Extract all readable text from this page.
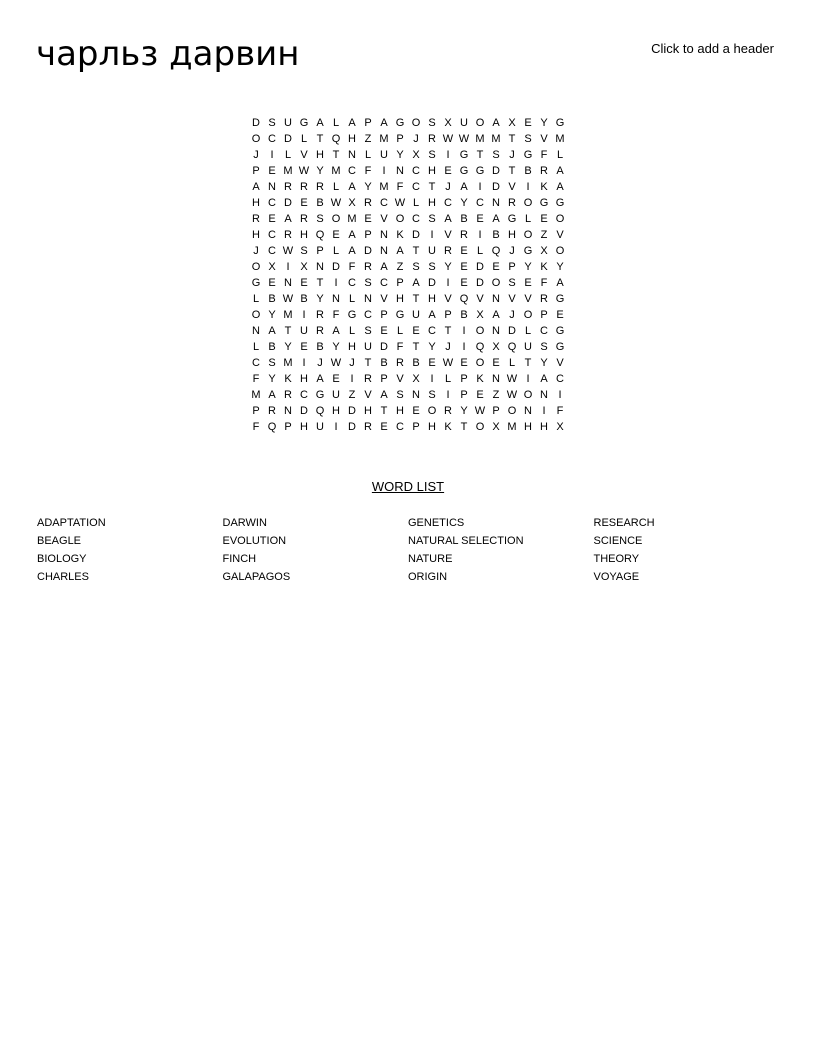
чарльз дарвин	Click to add a header
D S U G A L A P A G O S X U O A X E Y G
O C D L T Q H Z M P J R W W M M T S V M
J	I	L V H T N L U Y X S I G T S J G F L
P E M W Y M C F	I N C H E G G D T B R A
A N R R R L A Y M F C T J A I D V I K A
H C D E B W X R C W L H C Y C N R O G G
R E A R S O M E V O C S A B E A G L E O
H C R H Q E A P N K D I V R I B H O Z V
J C W S P L A D N A T U R E L Q J G X O
O X I X N D F R A Z S S Y E D E P Y K Y
G E N E T	I C S C P A D I E D O S E F A
L B W B Y N L N V H T H V Q V N V V R G
O Y M I R F G C P G U A P B X A J O P E
N A T U R A L S E L E C T	I O N D L C G
L B Y E B Y H U D F T Y J	I Q X Q U S G
C S M I	J W J T B R B E W E O E L T Y V
F Y K H A E I R P V X I	L P K N W I A C
M A R C G U Z V A S N S I P E Z W O N I
P R N D Q H D H T H E O R Y W P O N I	F
F Q P H U I D R E C P H K T O X M H H X
WORD LIST
ADAPTATION
BEAGLE
BIOLOGY
CHARLES
DARWIN
EVOLUTION
FINCH
GALAPAGOS
GENETICS
NATURAL SELECTION
NATURE
ORIGIN
RESEARCH
SCIENCE
THEORY
VOYAGE
